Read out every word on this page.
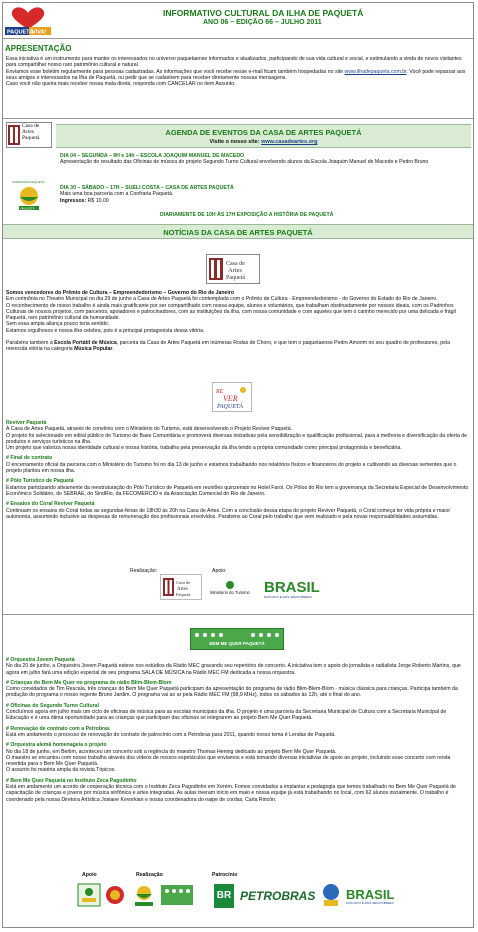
PAQUETÁ
VIVA!
INFORMATIVO CULTURAL DA ILHA DE PAQUETÁ
ANO 06 – EDIÇÃO 66 – JULHO 2011
APRESENTAÇÃO
Essa iniciativa é um instrumento para manter os interessados no universo paquetaense informados e atualizados, participando de sua vida cultural e social, e estimulando a vinda de novos visitantes para compartilhar nosso raro patrimônio cultural e natural.
Enviamos esse boletim regularmente para pessoas cadastradas. As informações que você recebe nesse e-mail ficam também hospedadas no site www.ilhadepaqueta.com.br. Você pode repassar aos seus amigos e interessados na Ilha de Paquetá, ou pedir que se cadastrem para receber diretamente nossas mensagens.
Caso você não queira mais receber nossa mala direta, responda com CANCELAR no item Assunto.
Casa de
Artes
Paquetá
AGENDA DE EVENTOS DA CASA DE ARTES PAQUETÁ
Visite o nosso site: www.casadeartes.org
DIA 04 – SEGUNDA – 9H e 14h – ESCOLA JOAQUIM MANUEL DE MACEDO
Apresentação do resultado das Oficinas de música do projeto Segundo Turno Cultural envolvendo alunos da Escola Joaquim Manuel de Macedo e Pedro Bruno
PAQUETÁ
CONFRARIA PAQUETÁ
DIA 30 – SÁBADO – 17H – SUELI COSTA – CASA DE ARTES PAQUETÁ
Mais uma boa parceria com a Confraria Paquetá.
Ingressos: R$ 10,00
DIARIAMENTE DE 10H ÀS 17H EXPOSIÇÃO A HISTÓRIA DE PAQUETÁ
NOTÍCIAS DA CASA DE ARTES PAQUETÁ
Casa de
Artes
Paquetá
Somos vencedores do Prêmio de Cultura – Empreendedorismo – Governo do Rio de Janeiro
Em cerimônia no Theatro Municipal no dia 29 de junho a Casa de Artes Paquetá foi contemplada com o Prêmio de Cultura - Empreendedorismo - do Governo do Estado do Rio de Janeiro.
O reconhecimento de nosso trabalho é ainda mais gratificante por ser compartilhado com nossa equipe, alunos e voluntários, que trabalham obstinadamente por nossos ideais, com os Padrinhos Culturais de nossos projetos, com parceiros, apoiadores e patrocinadores, com as instituições da ilha, com nossa comunidade e com aqueles que tem o carinho merecido por uma delicada e frágil Paquetá, raro patrimônio cultural da humanidade.
Sem essa ampla aliança pouco teria sentido.
Estamos orgulhosos e nossa ilha celebra, pois é a principal protagonista dessa vitória.
Parabéns também à Escola Portátil de Música, parceira da Casa de Artes Paquetá em inúmeras Rodas de Choro, e que tem o paquetaense Pedro Amorim no seu quadro de professores, pela merecida vitória na categoria Música Popular.
RE
VER
PAQUETÁ
Reviver Paquetá
A Casa de Artes Paquetá, através de convênio com o Ministério do Turismo, está desenvolvendo o Projeto Reviver Paquetá.
O projeto foi selecionado em edital público de Turismo de Base Comunitária e promoverá diversas iniciativas pela sensibilização e qualificação profissional, para a melhoria e diversificação da oferta de produtos e serviços turísticos na ilha.
Um projeto que valoriza nossa identidade cultural e nossa história, trabalha pela preservação da ilha tendo a própria comunidade como principal protagonista e beneficiária.
# Final de contrato
O encerramento oficial da parceria com o Ministério do Turismo foi no dia 13 de junho e estamos trabalhando nos relatórios físicos e financeiros do projeto e cultivando as diversas sementes que o projeto plantou em nossa ilha.
# Pólo Turístico de Paquetá
Estamos participando ativamente da reestruturação do Pólo Turístico de Paquetá em reuniões quinzenais no Hotel Farol. Os Pólos do Rio tem a governança da Secretaria Especial de Desenvolvimento Econômico Solidário, do SEBRAE, do SindRio, da FECOMERCIO e da Associação Comercial do Rio de Janeiro.
# Ensaios do Coral Reviver Paquetá
Continuam os ensaios do Coral todas as segundas-feiras de 18h30 às 20h na Casa de Artes. Com a conclusão dessa etapa do projeto Reviver Paquetá, o Coral começa ter vida própria e maior autonomia, assumindo inclusive as despesas de remuneração dos profissionais envolvidos. Parabéns ao Coral pelo trabalho que vem realizado e pela novas responsabilidades assumidas.
Realização:
Casa de
Artes
Paquetá
Apoio:
Ministério do Turismo BRASIL
PAÍS RICO É PAÍS SEM POBREZA
BEM ME QUER PAQUETÁ
# Orquestra Jovem Paquetá
No dia 20 de junho, a Orquestra Jovem Paquetá esteve nos estúdios da Rádio MEC gravando seu repertório de concerto. A iniciativa tem o apoio do jornalista e radialista Jorge Roberto Martins, que agora em julho fará uma edição especial de seu programa SALA DE MÚSICA na Rádio MEC FM dedicada a nossa orquestra.
# Crianças do Bem Me Quer no programa de rádio Blim-Blem-Blom
Como convidados de Tim Rescala, três crianças do Bem Me Quer Paquetá participam da apresentação do programa de rádio Blim-Blem-Blom - música clássica para crianças. Participa também da produção do programa o nosso regente Bruno Jardim. O programa vai ao ar pela Rádio MEC FM (98,9 MHz), todos os sábados às 12h, até o final do ano.
# Oficinas do Segundo Turno Cultural
Concluímos agora em julho mais um ciclo de oficinas de música para as escolas municipais da ilha. O projeto é uma parceria da Secretaria Municipal de Cultura com a Secretaria Municipal de Educação e é uma ótima oportunidade para as crianças que participam das oficinas se integrarem ao projeto Bem Me Quer Paquetá.
# Renovação de contrato com a Petrobras
Está em andamento o processo de renovação do contrato de patrocínio com a Petrobras para 2011, quando nosso tema é Lendas de Paquetá.
# Orquestra alemã homenageia o projeto
No dia 18 de junho, em Berlim, aconteceu um concerto sob a regência do maestro Thomas Hennig dedicado ao projeto Bem Me Quer Paquetá.
O maestro se encantou com nosso trabalho através dos vídeos de nossos espetáculos que enviamos e está tomando diversas iniciativas de apoio ao projeto, incluindo esse concerto com renda revertida para o Bem Me Quer Paquetá.
O assunto foi matéria ampla da revista Tópicos.
# Bem Me Quer Paquetá no Instituto Zeca Pagodinho
Está em andamento um acordo de cooperação técnica com o Instituto Zeca Pagodinho em Xerém. Fomos convidados a implantar a pedagogia que temos trabalhado no Bem Me Quer Paquetá de capacitação de crianças e jovens por música sinfônica e artes integradas. As aulas tiveram início em maio e nossa equipe já está trabalhando no local, com 62 alunos inicialmente. O trabalho é coordenado pela nossa Diretora Artística Josiane Kevorkian e nossa coordenadora do naipe de cordas, Carla Rincón.
Apoio	Realização	Patrocínio
BR PETROBRAS BRASIL
PAÍS RICO É PAÍS SEM POBREZA
